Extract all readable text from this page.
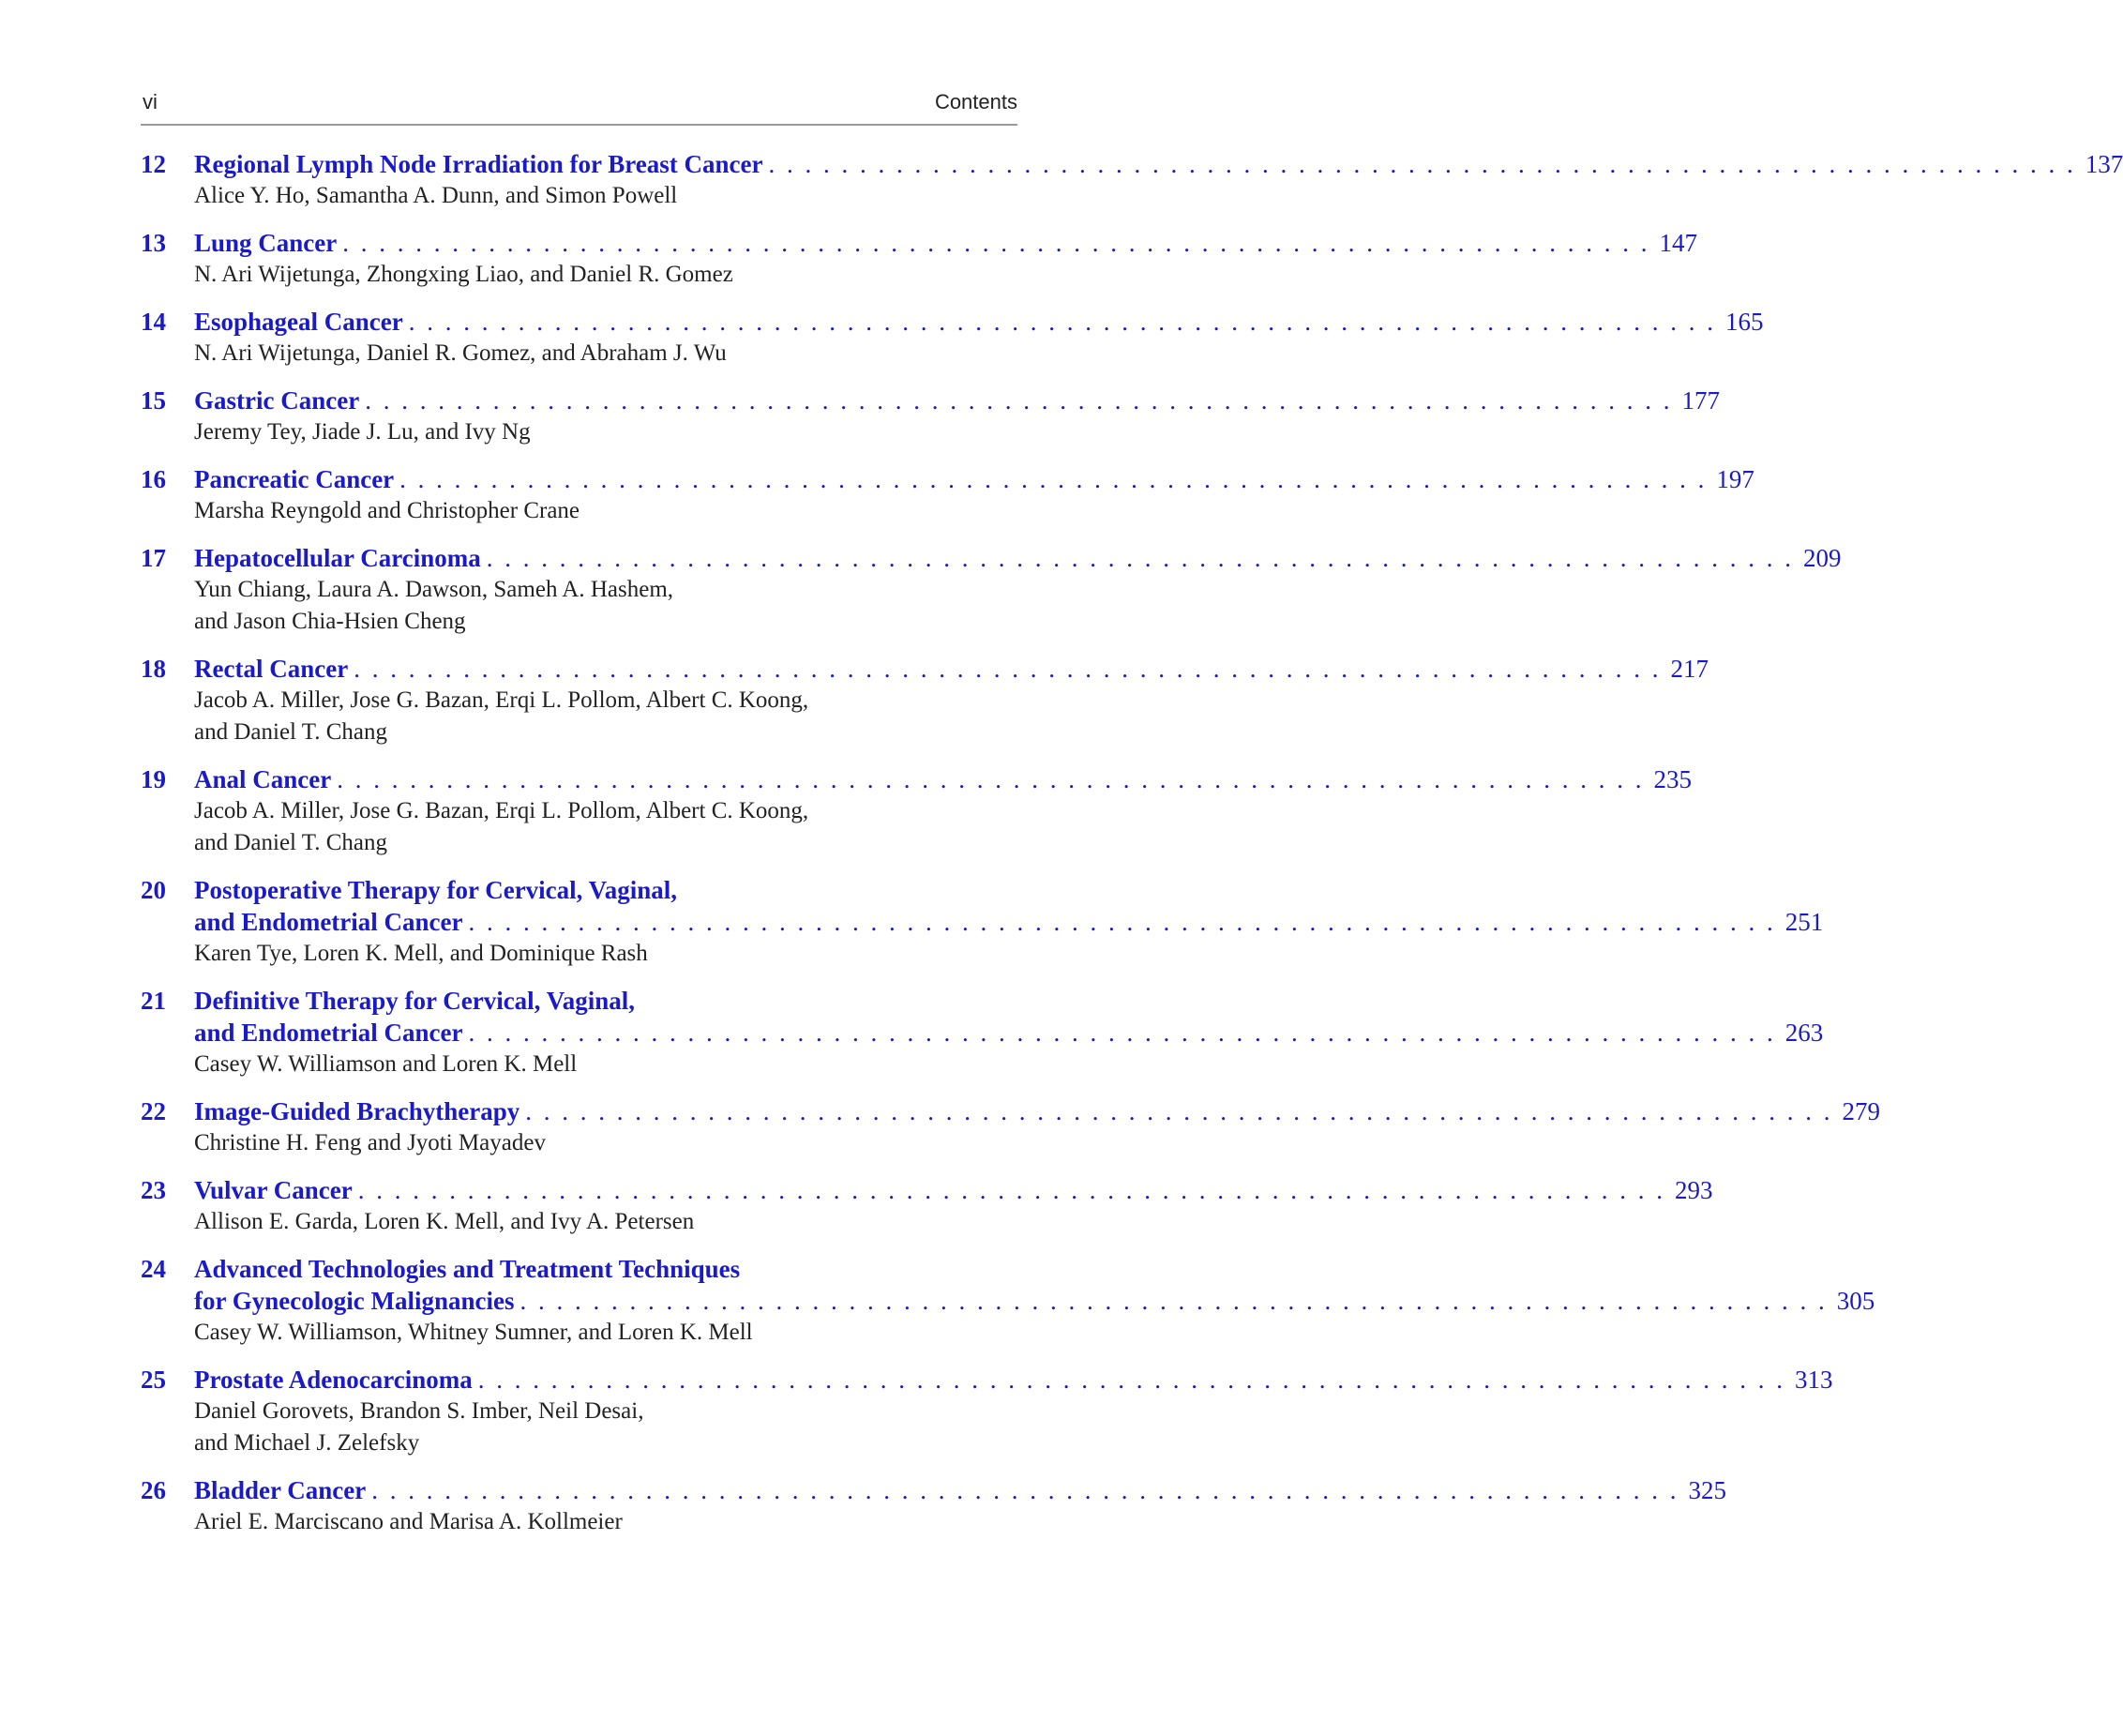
vi	Contents
12	Regional Lymph Node Irradiation for Breast Cancer . . . . . . . . . . . . . . . . . . . . . . . . . . . . . . . . . . . . . . . . . . . . . . . . . . . . . . . . . . . . . . . . . . . . . . . . 137
Alice Y. Ho, Samantha A. Dunn, and Simon Powell
13	Lung Cancer . . . . . . . . . . . . . . . . . . . . . . . . . . . . . . . . . . . . . . . . . . . . . . . . . . . . . . . . . . . . . . . . . . . . . . . . 147
N. Ari Wijetunga, Zhongxing Liao, and Daniel R. Gomez
14	Esophageal Cancer . . . . . . . . . . . . . . . . . . . . . . . . . . . . . . . . . . . . . . . . . . . . . . . . . . . . . . . . . . . . . . . . . . . . . . . . 165
N. Ari Wijetunga, Daniel R. Gomez, and Abraham J. Wu
15	Gastric Cancer . . . . . . . . . . . . . . . . . . . . . . . . . . . . . . . . . . . . . . . . . . . . . . . . . . . . . . . . . . . . . . . . . . . . . . . . 177
Jeremy Tey, Jiade J. Lu, and Ivy Ng
16	Pancreatic Cancer . . . . . . . . . . . . . . . . . . . . . . . . . . . . . . . . . . . . . . . . . . . . . . . . . . . . . . . . . . . . . . . . . . . . . . . . 197
Marsha Reyngold and Christopher Crane
17	Hepatocellular Carcinoma . . . . . . . . . . . . . . . . . . . . . . . . . . . . . . . . . . . . . . . . . . . . . . . . . . . . . . . . . . . . . . . . . . . . . . . . 209
Yun Chiang, Laura A. Dawson, Sameh A. Hashem,
and Jason Chia-Hsien Cheng
18	Rectal Cancer . . . . . . . . . . . . . . . . . . . . . . . . . . . . . . . . . . . . . . . . . . . . . . . . . . . . . . . . . . . . . . . . . . . . . . . . 217
Jacob A. Miller, Jose G. Bazan, Erqi L. Pollom, Albert C. Koong,
and Daniel T. Chang
19	Anal Cancer . . . . . . . . . . . . . . . . . . . . . . . . . . . . . . . . . . . . . . . . . . . . . . . . . . . . . . . . . . . . . . . . . . . . . . . . 235
Jacob A. Miller, Jose G. Bazan, Erqi L. Pollom, Albert C. Koong,
and Daniel T. Chang
20	Postoperative Therapy for Cervical, Vaginal,
and Endometrial Cancer . . . . . . . . . . . . . . . . . . . . . . . . . . . . . . . . . . . . . . . . . . . . . . . . . . . . . . . . . . . . . . . . . . . . . . . . 251
Karen Tye, Loren K. Mell, and Dominique Rash
21	Definitive Therapy for Cervical, Vaginal,
and Endometrial Cancer . . . . . . . . . . . . . . . . . . . . . . . . . . . . . . . . . . . . . . . . . . . . . . . . . . . . . . . . . . . . . . . . . . . . . . . . 263
Casey W. Williamson and Loren K. Mell
22	Image-Guided Brachytherapy . . . . . . . . . . . . . . . . . . . . . . . . . . . . . . . . . . . . . . . . . . . . . . . . . . . . . . . . . . . . . . . . . . . . . . . . 279
Christine H. Feng and Jyoti Mayadev
23	Vulvar Cancer . . . . . . . . . . . . . . . . . . . . . . . . . . . . . . . . . . . . . . . . . . . . . . . . . . . . . . . . . . . . . . . . . . . . . . . . 293
Allison E. Garda, Loren K. Mell, and Ivy A. Petersen
24	Advanced Technologies and Treatment Techniques
for Gynecologic Malignancies . . . . . . . . . . . . . . . . . . . . . . . . . . . . . . . . . . . . . . . . . . . . . . . . . . . . . . . . . . . . . . . . . . . . . . . . 305
Casey W. Williamson, Whitney Sumner, and Loren K. Mell
25	Prostate Adenocarcinoma . . . . . . . . . . . . . . . . . . . . . . . . . . . . . . . . . . . . . . . . . . . . . . . . . . . . . . . . . . . . . . . . . . . . . . . . 313
Daniel Gorovets, Brandon S. Imber, Neil Desai,
and Michael J. Zelefsky
26	Bladder Cancer . . . . . . . . . . . . . . . . . . . . . . . . . . . . . . . . . . . . . . . . . . . . . . . . . . . . . . . . . . . . . . . . . . . . . . . . 325
Ariel E. Marciscano and Marisa A. Kollmeier
